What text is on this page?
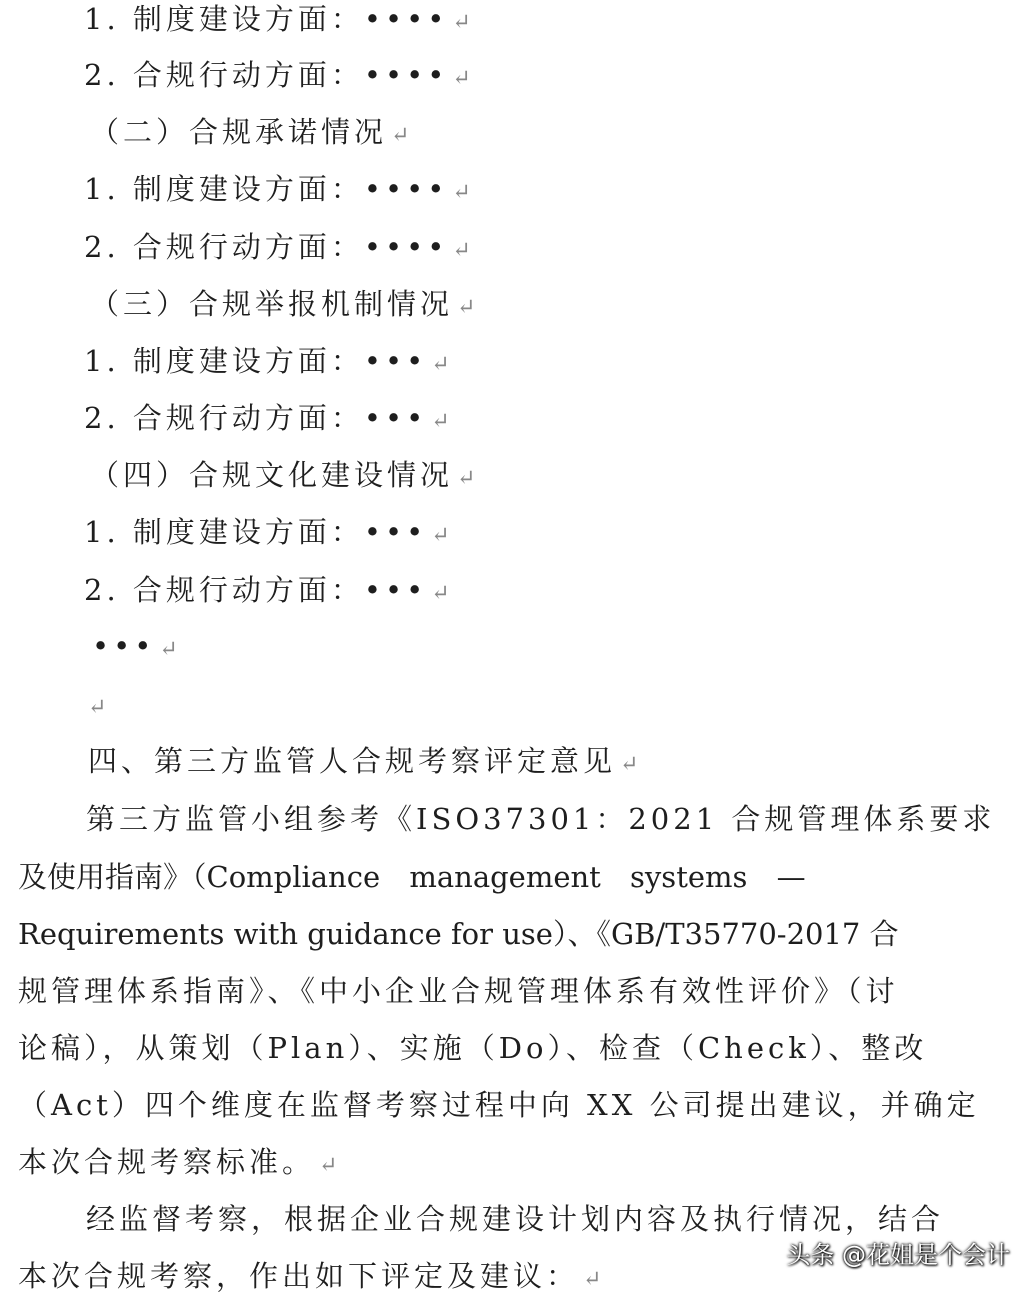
1. 制度建设方面：•••• ↵
2. 合规行动方面：•••• ↵
（二）合规承诺情况 ↵
1. 制度建设方面：•••• ↵
2. 合规行动方面：•••• ↵
（三）合规举报机制情况 ↵
1. 制度建设方面：••• ↵
2. 合规行动方面：••• ↵
（四）合规文化建设情况 ↵
1. 制度建设方面：••• ↵
2. 合规行动方面：••• ↵
••• ↵
↵
四、第三方监管人合规考察评定意见 ↵
第三方监管小组参考《ISO37301：2021 合规管理体系要求
及使用指南》（Compliance management systems —
Requirements with guidance for use）、《GB/T35770-2017 合
规管理体系指南》、《中小企业合规管理体系有效性评价》（讨
论稿），从策划（Plan）、实施（Do）、检查（Check）、整改
（Act）四个维度在监督考察过程中向 XX 公司提出建议，并确定
本次合规考察标准。 ↵
经监督考察，根据企业合规建设计划内容及执行情况，结合
本次合规考察，作出如下评定及建议： ↵
头条 @花姐是个会计
